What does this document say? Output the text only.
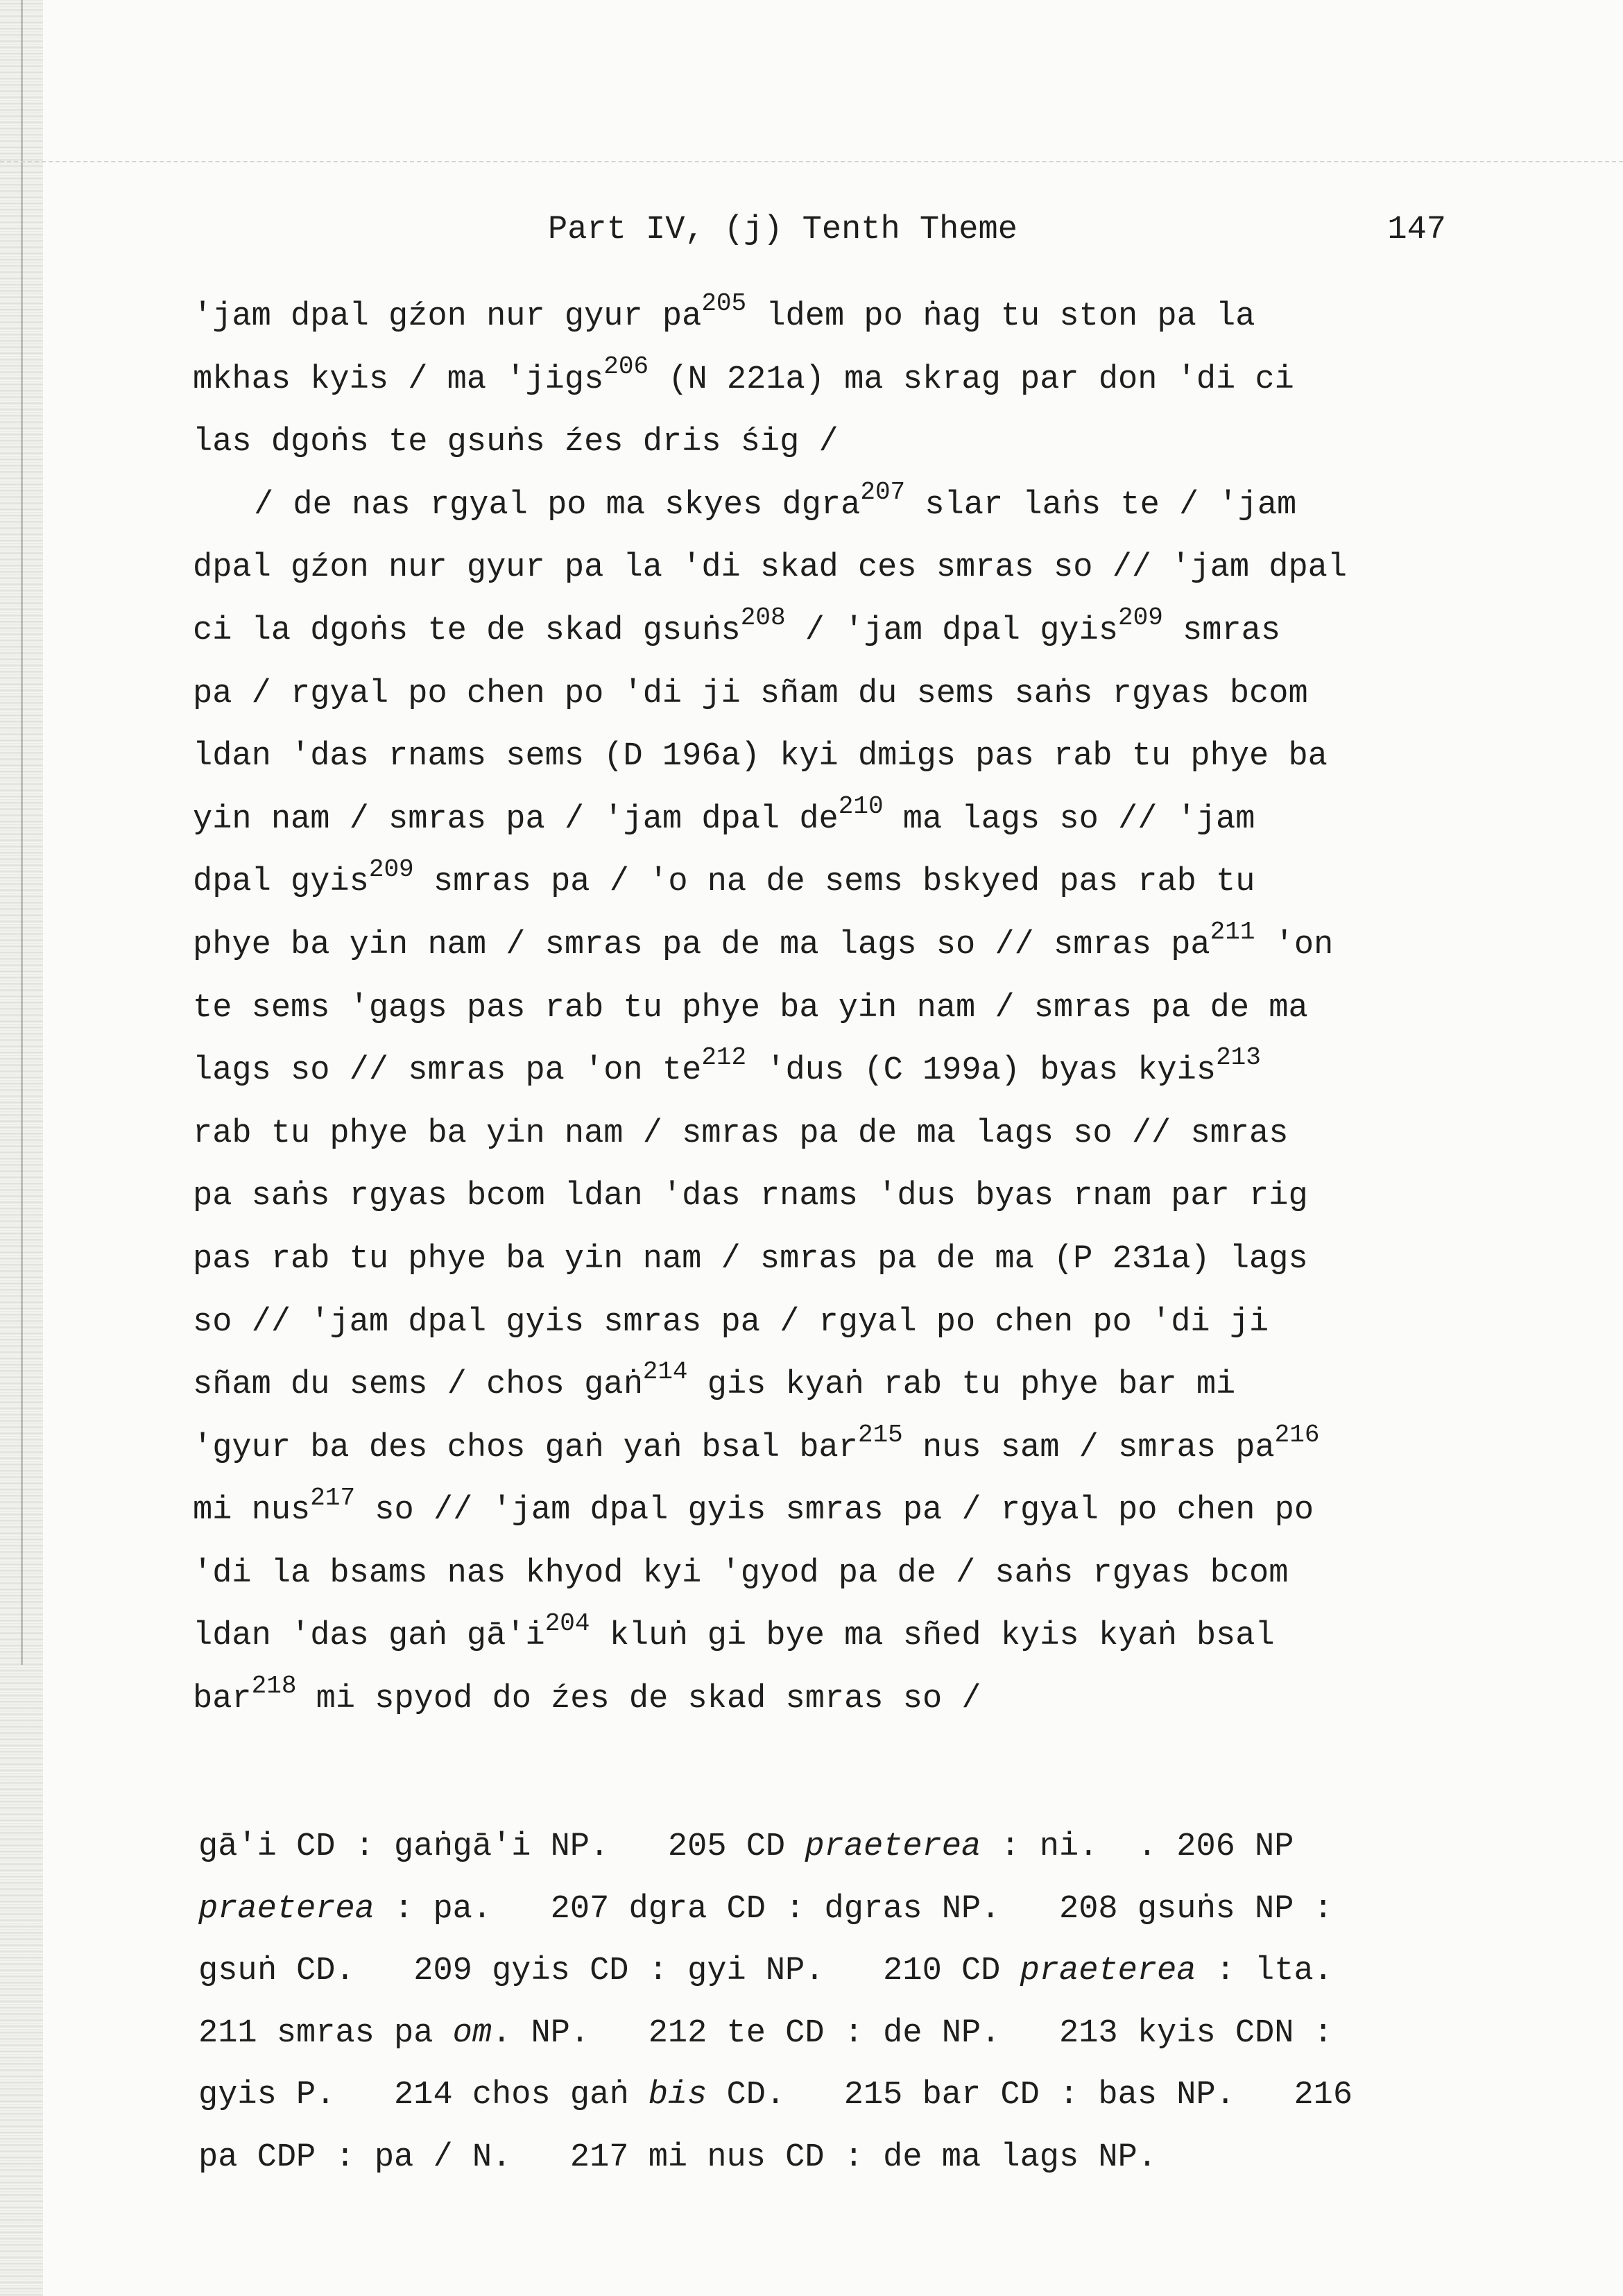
Part IV, (j) Tenth Theme	147
'jam dpal gźon nur gyur $pa^{205}$ ldem po ṅag tu ston pa la
mkhas kyis / ma 'jigs$^{206}$ (N 221a) ma skrag par don 'di ci
las dgoṅs te gsuṅs źes dris śig /
/ de nas rgyal po ma skyes dgra$^{207}$ slar laṅs te / 'jam
dpal gźon nur gyur pa la 'di skad ces smras so // 'jam dpal
ci la dgoṅs te de skad gsuṅs$^{208}$ / 'jam dpal gyis$^{209}$ smras
pa / rgyal po chen po 'di ji sñam du sems saṅs rgyas bcom
ldan 'das rnams sems (D 196a) kyi dmigs pas rab tu phye ba
yin nam / smras pa / 'jam dpal $de^{210}$ ma lags so // 'jam
dpal gyis$^{209}$ smras pa / 'o na de sems bskyed pas rab tu
phye ba yin nam / smras pa de ma lags so // smras $pa^{211}$ 'on
te sems 'gags pas rab tu phye ba yin nam / smras pa de ma
lags so // smras pa 'on $te^{212}$ 'dus (C 199a) byas kyis$^{213}$
rab tu phye ba yin nam / smras pa de ma lags so // smras
pa saṅs rgyas bcom ldan 'das rnams 'dus byas rnam par rig
pas rab tu phye ba yin nam / smras pa de ma (P 231a) lags
so // 'jam dpal gyis smras pa / rgyal po chen po 'di ji
sñam du sems / chos gaṅ$^{214}$ gis kyaṅ rab tu phye bar mi
'gyur ba des chos gaṅ yaṅ bsal bar$^{215}$ nus sam / smras $pa^{216}$
mi nus$^{217}$ so // 'jam dpal gyis smras pa / rgyal po chen po
'di la bsams nas khyod kyi 'gyod pa de / saṅs rgyas bcom
ldan 'das gaṅ $gā'i^{204}$ kluṅ gi bye ma sñed kyis kyaṅ bsal
bar$^{218}$ mi spyod do źes de skad smras so /
gā'i CD : gaṅgā'i NP.   205 CD praeterea : ni.  . 206 NP
praeterea : pa.   207 dgra CD : dgras NP.   208 gsuṅs NP :
gsuṅ CD.   209 gyis CD : gyi NP.   210 CD praeterea : lta.
211 smras pa om. NP.   212 te CD : de NP.   213 kyis CDN :
gyis P.   214 chos gaṅ bis CD.   215 bar CD : bas NP.   216
pa CDP : pa / N.   217 mi nus CD : de ma lags NP.
